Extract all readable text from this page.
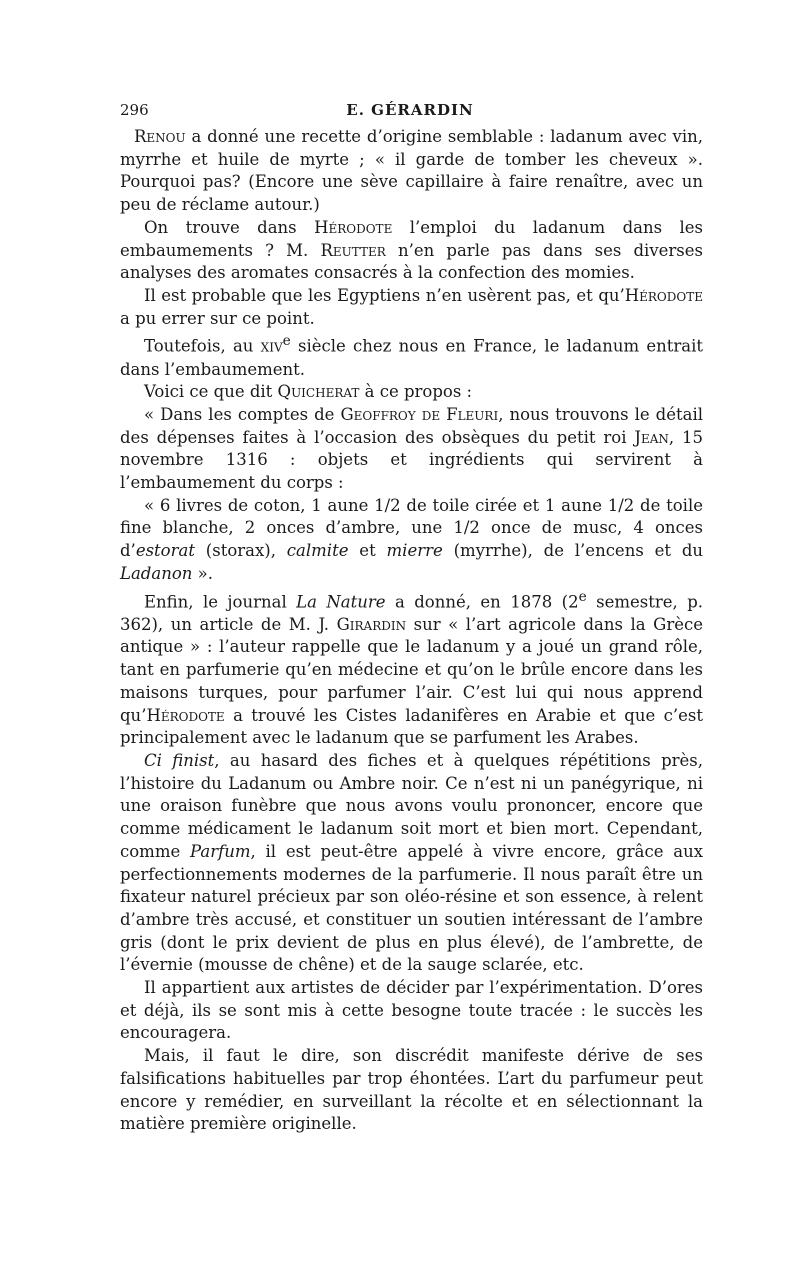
296	E. GÉRARDIN

Renou a donné une recette d’origine semblable : ladanum avec vin, myrrhe et huile de myrte ; « il garde de tomber les cheveux ». Pourquoi pas? (Encore une sève capillaire à faire renaître, avec un peu de réclame autour.)

On trouve dans Hérodote l’emploi du ladanum dans les embaumements ? M. Reutter n’en parle pas dans ses diverses analyses des aromates consacrés à la confection des momies.

Il est probable que les Egyptiens n’en usèrent pas, et qu’Hérodote a pu errer sur ce point.

Toutefois, au xiv$^e$ siècle chez nous en France, le ladanum entrait dans l’embaumement.

Voici ce que dit Quicherat à ce propos :

« Dans les comptes de Geoffroy de Fleuri, nous trouvons le détail des dépenses faites à l’occasion des obsèques du petit roi Jean, 15 novembre 1316 : objets et ingrédients qui servirent à l’embaumement du corps :

« 6 livres de coton, 1 aune 1/2 de toile cirée et 1 aune 1/2 de toile fine blanche, 2 onces d’ambre, une 1/2 once de musc, 4 onces d’estorat (storax), calmite et mierre (myrrhe), de l’encens et du Ladanon ».

Enfin, le journal La Nature a donné, en 1878 (2e semestre, p. 362), un article de M. J. Girardin sur « l’art agricole dans la Grèce antique » : l’auteur rappelle que le ladanum y a joué un grand rôle, tant en parfumerie qu’en médecine et qu’on le brûle encore dans les maisons turques, pour parfumer l’air. C’est lui qui nous apprend qu’Hérodote a trouvé les Cistes ladanifères en Arabie et que c’est principalement avec le ladanum que se parfument les Arabes.

Ci finist, au hasard des fiches et à quelques répétitions près, l’histoire du Ladanum ou Ambre noir. Ce n’est ni un panégyrique, ni une oraison funèbre que nous avons voulu prononcer, encore que comme médicament le ladanum soit mort et bien mort. Cependant, comme Parfum, il est peut-être appelé à vivre encore, grâce aux perfectionnements modernes de la parfumerie. Il nous paraît être un fixateur naturel précieux par son oléo-résine et son essence, à relent d’ambre très accusé, et constituer un soutien intéressant de l’ambre gris (dont le prix devient de plus en plus élevé), de l’ambrette, de l’évernie (mousse de chêne) et de la sauge sclarée, etc.

Il appartient aux artistes de décider par l’expérimentation. D’ores et déjà, ils se sont mis à cette besogne toute tracée : le succès les encouragera.

Mais, il faut le dire, son discrédit manifeste dérive de ses falsifications habituelles par trop éhontées. L’art du parfumeur peut encore y remédier, en surveillant la récolte et en sélectionnant la matière première originelle.
